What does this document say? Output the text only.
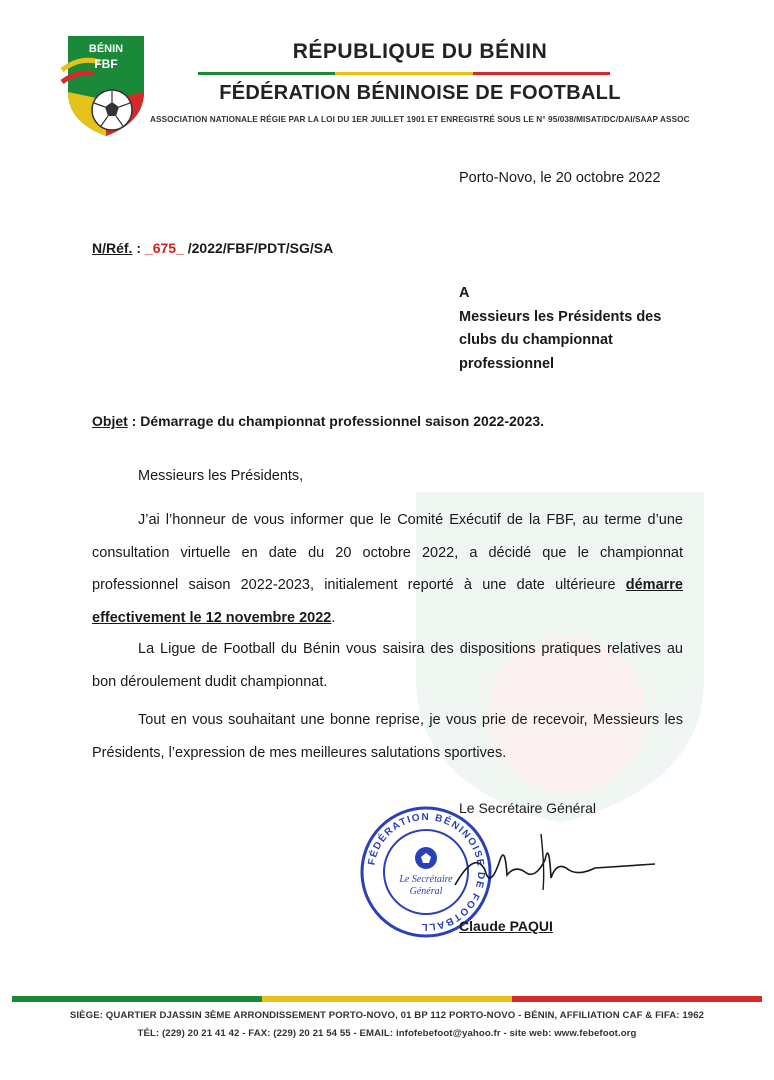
BÉNIN
FBF
RÉPUBLIQUE DU BÉNIN
FÉDÉRATION BÉNINOISE DE FOOTBALL
ASSOCIATION NATIONALE RÉGIE PAR LA LOI DU 1ER JUILLET 1901 ET ENREGISTRÉ SOUS LE N° 95/038/MISAT/DC/DAI/SAAP ASSOC
Porto-Novo, le 20 octobre 2022
N/Réf. : _675_ /2022/FBF/PDT/SG/SA
A
Messieurs les Présidents des
clubs du championnat
professionnel
Objet : Démarrage du championnat professionnel saison 2022-2023.
Messieurs les Présidents,
J’ai l’honneur de vous informer que le Comité Exécutif de la FBF, au terme d’une consultation virtuelle en date du 20 octobre 2022, a décidé que le championnat professionnel saison 2022-2023, initialement reporté à une date ultérieure démarre effectivement le 12 novembre 2022.
La Ligue de Football du Bénin vous saisira des dispositions pratiques relatives au bon déroulement dudit championnat.
Tout en vous souhaitant une bonne reprise, je vous prie de recevoir, Messieurs les Présidents, l’expression de mes meilleures salutations sportives.
Le Secrétaire Général
FÉDÉRATION BÉNINOISE DE FOOTBALL
Le Secrétaire
Général
Claude PAQUI
SIÈGE: QUARTIER DJASSIN 3ÈME ARRONDISSEMENT PORTO-NOVO, 01 BP 112 PORTO-NOVO - BÉNIN, AFFILIATION CAF & FIFA: 1962
TÉL: (229) 20 21 41 42 - FAX: (229) 20 21 54 55 - EMAIL: infofebefoot@yahoo.fr - site web: www.febefoot.org
